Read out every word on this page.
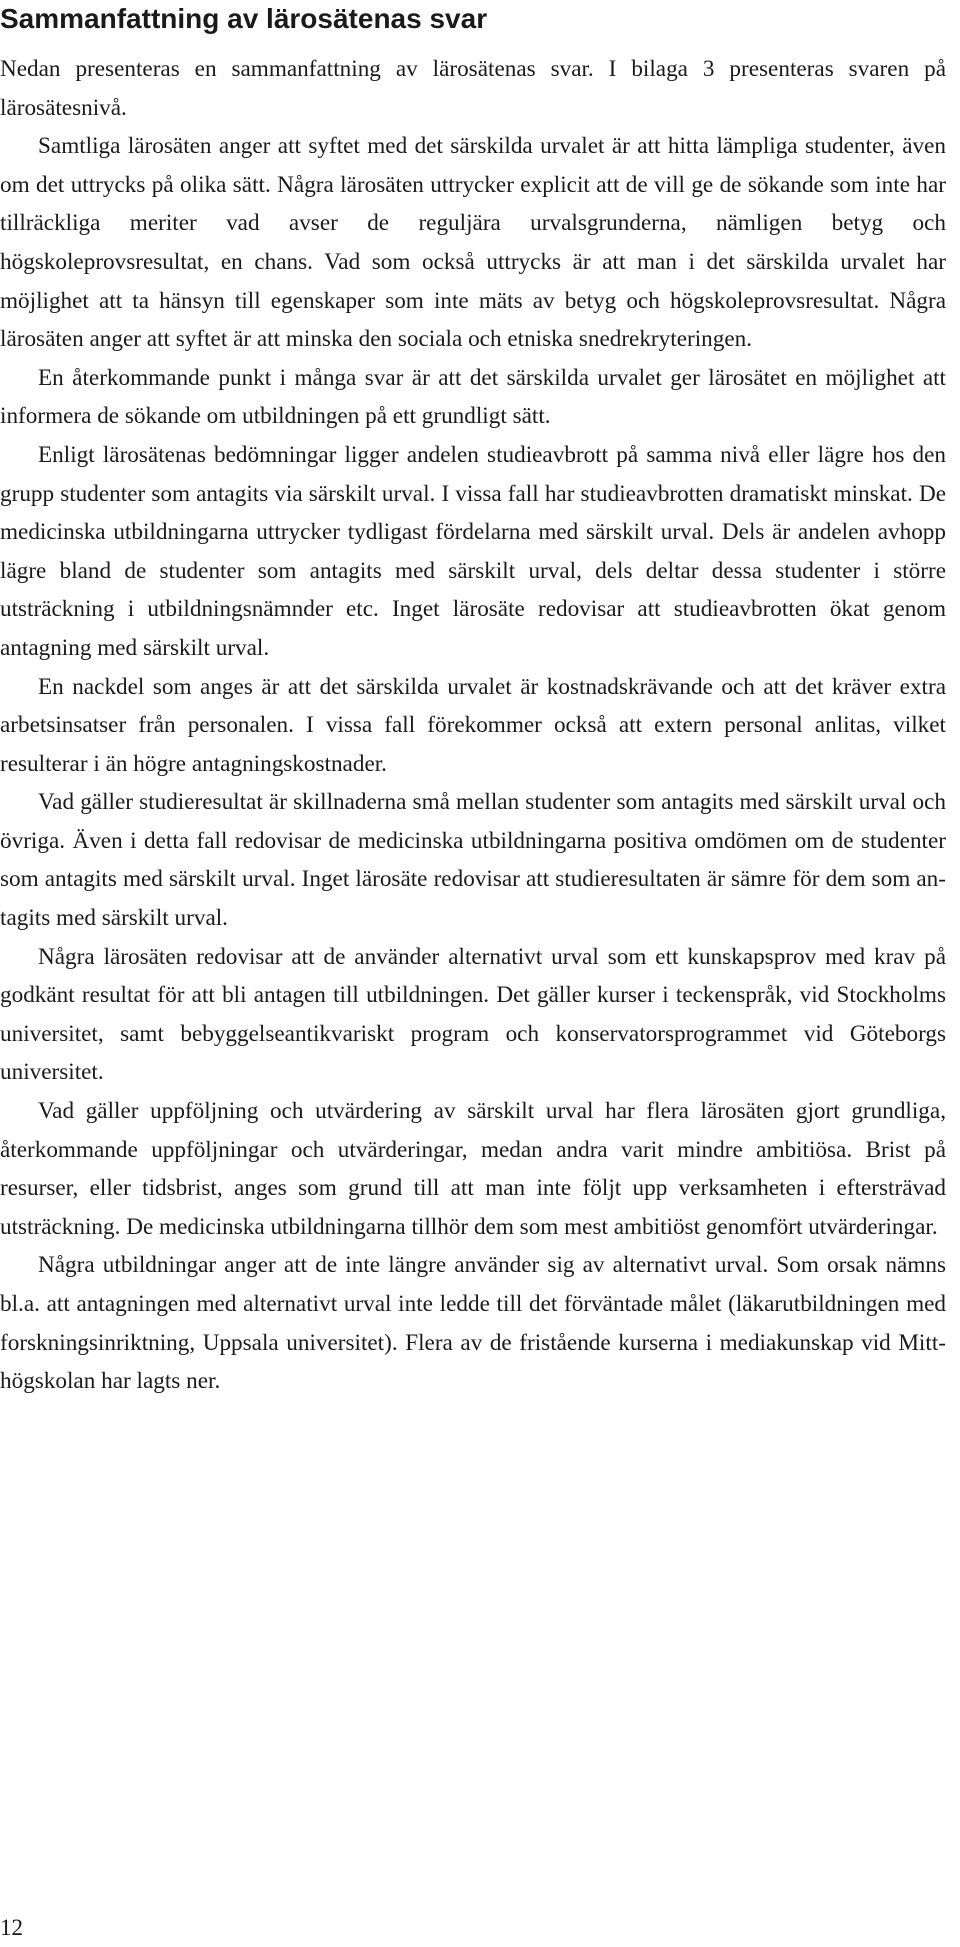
Sammanfattning av lärosätenas svar

Nedan presenteras en sammanfattning av lärosätenas svar. I bilaga 3 presenteras svaren på lärosätesnivå.

Samtliga lärosäten anger att syftet med det särskilda urvalet är att hitta lämpliga studenter, även om det uttrycks på olika sätt. Några lärosäten uttrycker explicit att de vill ge de sökande som inte har tillräckliga meriter vad avser de reguljära urvalsgrunderna, nämligen betyg och högskoleprovsresultat, en chans. Vad som också uttrycks är att man i det särskilda urvalet har möjlighet att ta hänsyn till egenskaper som inte mäts av betyg och högskoleprovsresultat. Några lärosäten anger att syftet är att minska den sociala och etniska snedrekryteringen.

En återkommande punkt i många svar är att det särskilda urvalet ger lärosätet en möjlighet att informera de sökande om utbildningen på ett grundligt sätt.

Enligt lärosätenas bedömningar ligger andelen studieavbrott på samma nivå eller lägre hos den grupp studenter som antagits via särskilt urval. I vissa fall har studieavbrotten dramatiskt minskat. De medicinska utbildningarna uttrycker tydligast fördelarna med särskilt urval. Dels är andelen avhopp lägre bland de studenter som antagits med särskilt urval, dels deltar dessa studenter i större utsträckning i utbildningsnämnder etc. Inget lärosäte redovisar att studieavbrotten ökat genom antagning med särskilt urval.

En nackdel som anges är att det särskilda urvalet är kostnadskrävande och att det kräver extra arbetsinsatser från personalen. I vissa fall förekommer också att extern personal anlitas, vilket resulterar i än högre antagningskostnader.

Vad gäller studieresultat är skillnaderna små mellan studenter som antagits med särskilt urval och övriga. Även i detta fall redovisar de medicinska utbildningarna positiva omdömen om de studenter som antagits med särskilt urval. Inget lärosäte redovisar att studieresultaten är sämre för dem som antagits med särskilt urval.

Några lärosäten redovisar att de använder alternativt urval som ett kunskapsprov med krav på godkänt resultat för att bli antagen till utbildningen. Det gäller kurser i teckenspråk, vid Stockholms universitet, samt bebyggelseantikvariskt program och konservatorsprogrammet vid Göteborgs universitet.

Vad gäller uppföljning och utvärdering av särskilt urval har flera lärosäten gjort grundliga, återkommande uppföljningar och utvärderingar, medan andra varit mindre ambitiösa. Brist på resurser, eller tidsbrist, anges som grund till att man inte följt upp verksamheten i eftersträvad utsträckning. De medicinska utbildningarna tillhör dem som mest ambitiöst genomfört utvärderingar.

Några utbildningar anger att de inte längre använder sig av alternativt urval. Som orsak nämns bl.a. att antagningen med alternativt urval inte ledde till det förväntade målet (läkarutbildningen med forskningsinriktning, Uppsala universitet). Flera av de fristående kurserna i mediakunskap vid Mitthögskolan har lagts ner.

12
